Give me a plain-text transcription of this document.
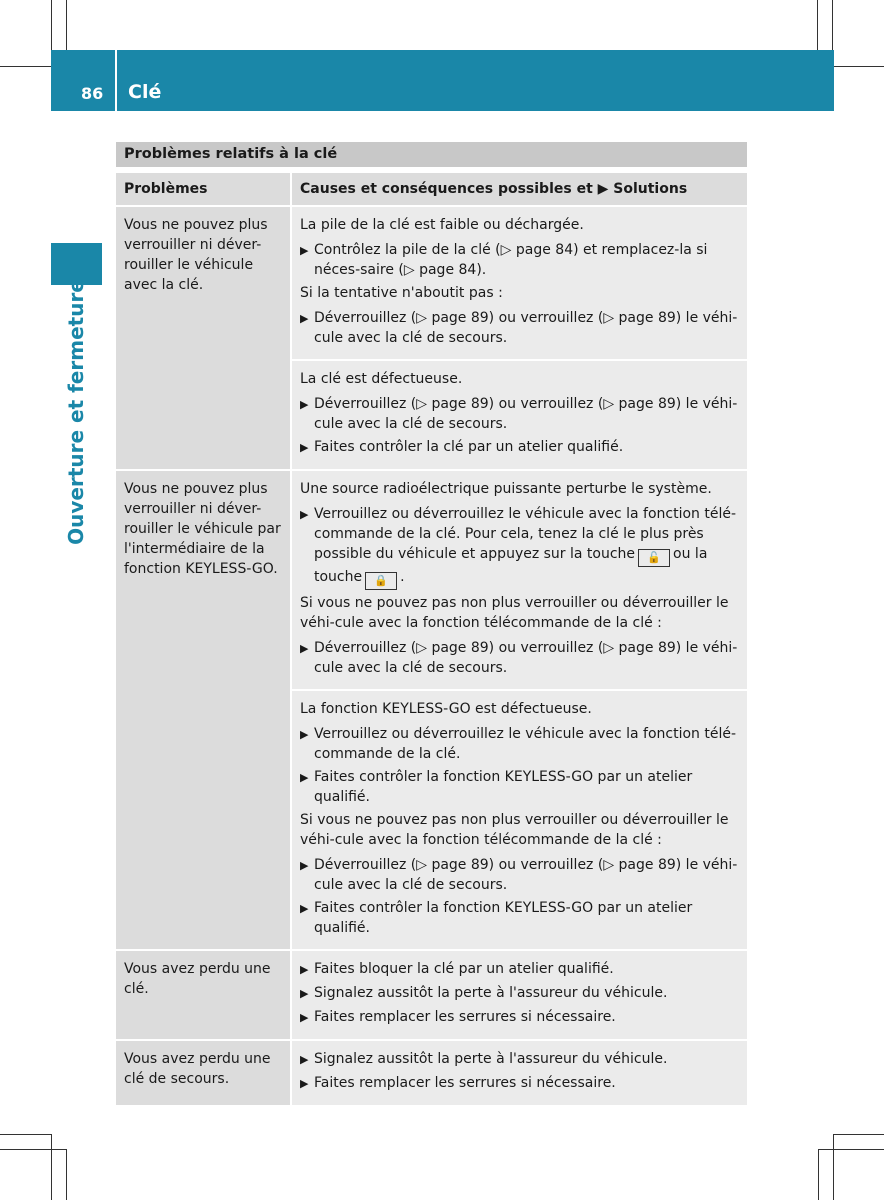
86 Clé
Ouverture et fermeture
Problèmes relatifs à la clé
Problèmes	Causes et conséquences possibles et ▶ Solutions
Vous ne pouvez plus verrouiller ni déver-rouiller le véhicule avec la clé.
La pile de la clé est faible ou déchargée.
▶ Contrôlez la pile de la clé (▷ page 84) et remplacez-la si néces-saire (▷ page 84).
Si la tentative n'aboutit pas :
▶ Déverrouillez (▷ page 89) ou verrouillez (▷ page 89) le véhi-cule avec la clé de secours.
La clé est défectueuse.
▶ Déverrouillez (▷ page 89) ou verrouillez (▷ page 89) le véhi-cule avec la clé de secours.
▶ Faites contrôler la clé par un atelier qualifié.
Vous ne pouvez plus verrouiller ni déver-rouiller le véhicule par l'intermédiaire de la fonction KEYLESS-GO.
Une source radioélectrique puissante perturbe le système.
▶ Verrouillez ou déverrouillez le véhicule avec la fonction télé-commande de la clé. Pour cela, tenez la clé le plus près possible du véhicule et appuyez sur la touche 🔓 ou la touche 🔒 .
Si vous ne pouvez pas non plus verrouiller ou déverrouiller le véhi-cule avec la fonction télécommande de la clé :
▶ Déverrouillez (▷ page 89) ou verrouillez (▷ page 89) le véhi-cule avec la clé de secours.
La fonction KEYLESS-GO est défectueuse.
▶ Verrouillez ou déverrouillez le véhicule avec la fonction télé-commande de la clé.
▶ Faites contrôler la fonction KEYLESS-GO par un atelier qualifié.
Si vous ne pouvez pas non plus verrouiller ou déverrouiller le véhi-cule avec la fonction télécommande de la clé :
▶ Déverrouillez (▷ page 89) ou verrouillez (▷ page 89) le véhi-cule avec la clé de secours.
▶ Faites contrôler la fonction KEYLESS-GO par un atelier qualifié.
Vous avez perdu une clé.
▶ Faites bloquer la clé par un atelier qualifié.
▶ Signalez aussitôt la perte à l'assureur du véhicule.
▶ Faites remplacer les serrures si nécessaire.
Vous avez perdu une clé de secours.
▶ Signalez aussitôt la perte à l'assureur du véhicule.
▶ Faites remplacer les serrures si nécessaire.
